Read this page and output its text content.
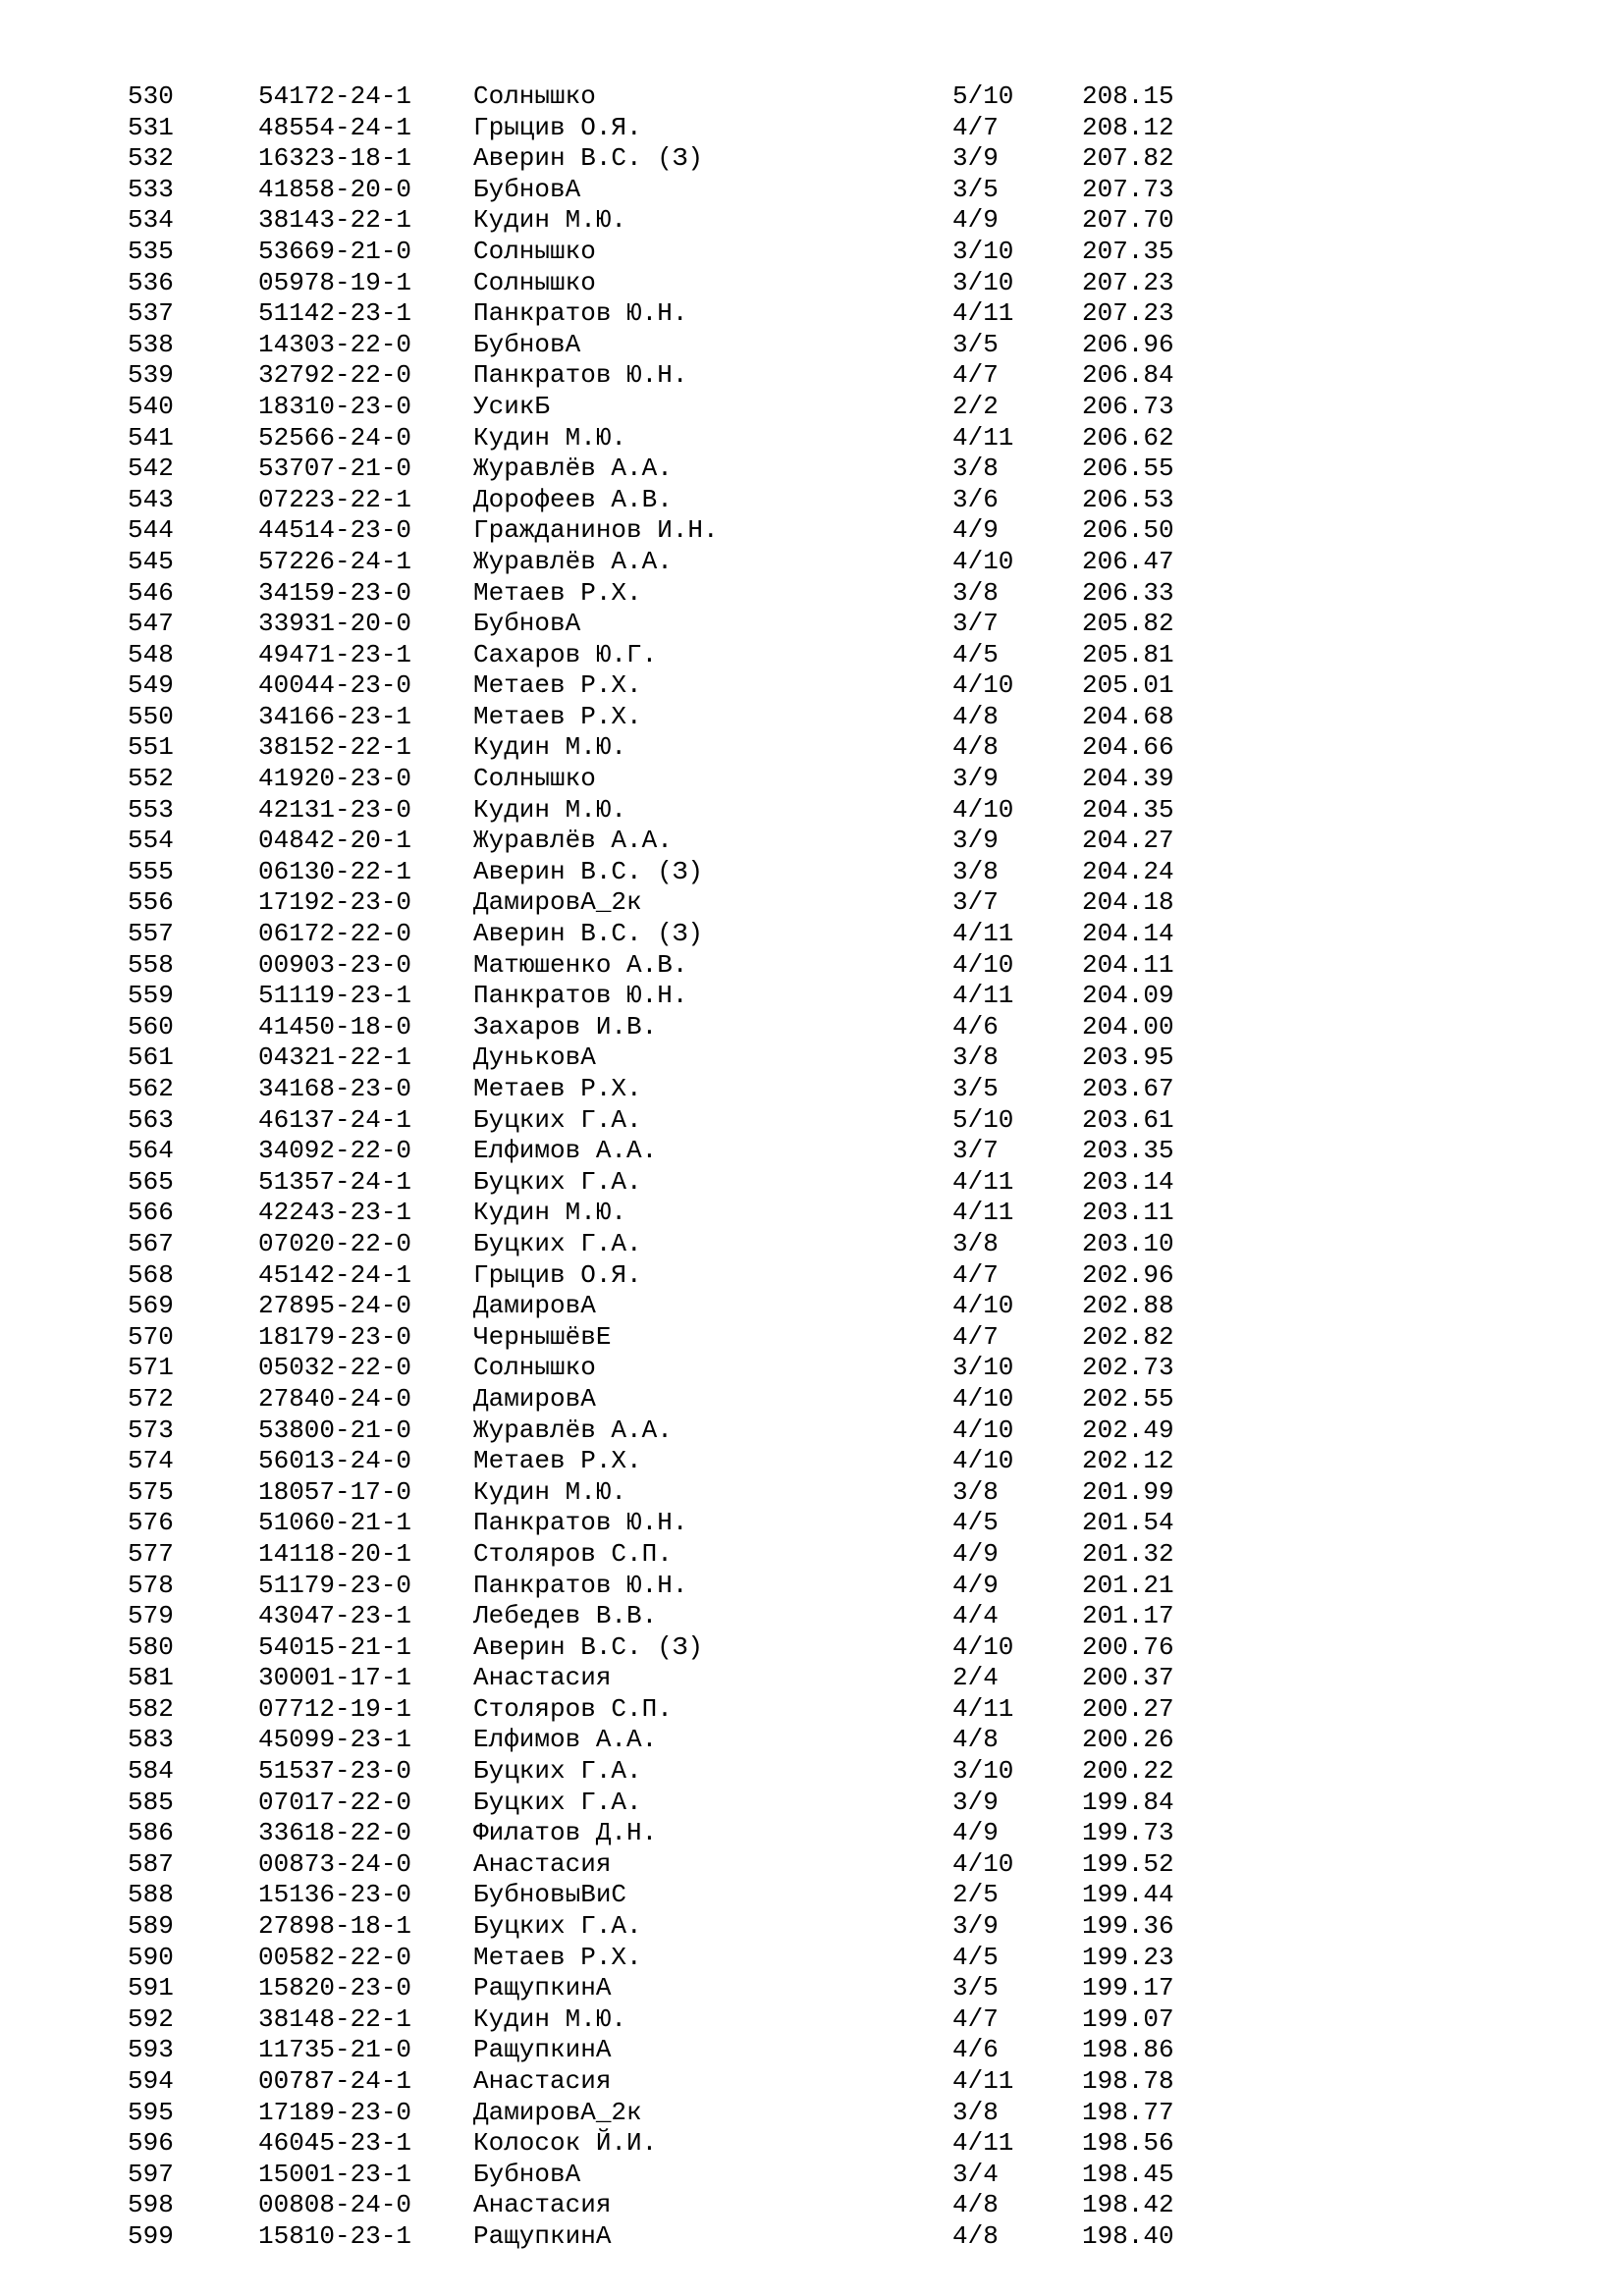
530	54172-24-1 Солнышко	5/10	208.15
531	48554-24-1 Грыцив О.Я.	4/7	208.12
532	16323-18-1 Аверин В.С. (З)	3/9	207.82
533	41858-20-0 БубновА	3/5	207.73
534	38143-22-1 Кудин М.Ю.	4/9	207.70
535	53669-21-0 Солнышко	3/10	207.35
536	05978-19-1 Солнышко	3/10	207.23
537	51142-23-1 Панкратов Ю.Н.	4/11	207.23
538	14303-22-0 БубновА	3/5	206.96
539	32792-22-0 Панкратов Ю.Н.	4/7	206.84
540	18310-23-0 УсикБ	2/2	206.73
541	52566-24-0 Кудин М.Ю.	4/11	206.62
542	53707-21-0 Журавлёв А.А.	3/8	206.55
543	07223-22-1 Дорофеев А.В.	3/6	206.53
544	44514-23-0 Гражданинов И.Н.	4/9	206.50
545	57226-24-1 Журавлёв А.А.	4/10	206.47
546	34159-23-0 Метаев Р.Х.	3/8	206.33
547	33931-20-0 БубновА	3/7	205.82
548	49471-23-1 Сахаров Ю.Г.	4/5	205.81
549	40044-23-0 Метаев Р.Х.	4/10	205.01
550	34166-23-1 Метаев Р.Х.	4/8	204.68
551	38152-22-1 Кудин М.Ю.	4/8	204.66
552	41920-23-0 Солнышко	3/9	204.39
553	42131-23-0 Кудин М.Ю.	4/10	204.35
554	04842-20-1 Журавлёв А.А.	3/9	204.27
555	06130-22-1 Аверин В.С. (З)	3/8	204.24
556	17192-23-0 ДамировА_2к	3/7	204.18
557	06172-22-0 Аверин В.С. (З)	4/11	204.14
558	00903-23-0 Матюшенко А.В.	4/10	204.11
559	51119-23-1 Панкратов Ю.Н.	4/11	204.09
560	41450-18-0 Захаров И.В.	4/6	204.00
561	04321-22-1 ДуньковА	3/8	203.95
562	34168-23-0 Метаев Р.Х.	3/5	203.67
563	46137-24-1 Буцких Г.А.	5/10	203.61
564	34092-22-0 Елфимов А.А.	3/7	203.35
565	51357-24-1 Буцких Г.А.	4/11	203.14
566	42243-23-1 Кудин М.Ю.	4/11	203.11
567	07020-22-0 Буцких Г.А.	3/8	203.10
568	45142-24-1 Грыцив О.Я.	4/7	202.96
569	27895-24-0 ДамировА	4/10	202.88
570	18179-23-0 ЧернышёвЕ	4/7	202.82
571	05032-22-0 Солнышко	3/10	202.73
572	27840-24-0 ДамировА	4/10	202.55
573	53800-21-0 Журавлёв А.А.	4/10	202.49
574	56013-24-0 Метаев Р.Х.	4/10	202.12
575	18057-17-0 Кудин М.Ю.	3/8	201.99
576	51060-21-1 Панкратов Ю.Н.	4/5	201.54
577	14118-20-1 Столяров С.П.	4/9	201.32
578	51179-23-0 Панкратов Ю.Н.	4/9	201.21
579	43047-23-1 Лебедев В.В.	4/4	201.17
580	54015-21-1 Аверин В.С. (З)	4/10	200.76
581	30001-17-1 Анастасия	2/4	200.37
582	07712-19-1 Столяров С.П.	4/11	200.27
583	45099-23-1 Елфимов А.А.	4/8	200.26
584	51537-23-0 Буцких Г.А.	3/10	200.22
585	07017-22-0 Буцких Г.А.	3/9	199.84
586	33618-22-0 Филатов Д.Н.	4/9	199.73
587	00873-24-0 Анастасия	4/10	199.52
588	15136-23-0 БубновыВиС	2/5	199.44
589	27898-18-1 Буцких Г.А.	3/9	199.36
590	00582-22-0 Метаев Р.Х.	4/5	199.23
591	15820-23-0 РащупкинА	3/5	199.17
592	38148-22-1 Кудин М.Ю.	4/7	199.07
593	11735-21-0 РащупкинА	4/6	198.86
594	00787-24-1 Анастасия	4/11	198.78
595	17189-23-0 ДамировА_2к	3/8	198.77
596	46045-23-1 Колосок Й.И.	4/11	198.56
597	15001-23-1 БубновА	3/4	198.45
598	00808-24-0 Анастасия	4/8	198.42
599	15810-23-1 РащупкинА	4/8	198.40
